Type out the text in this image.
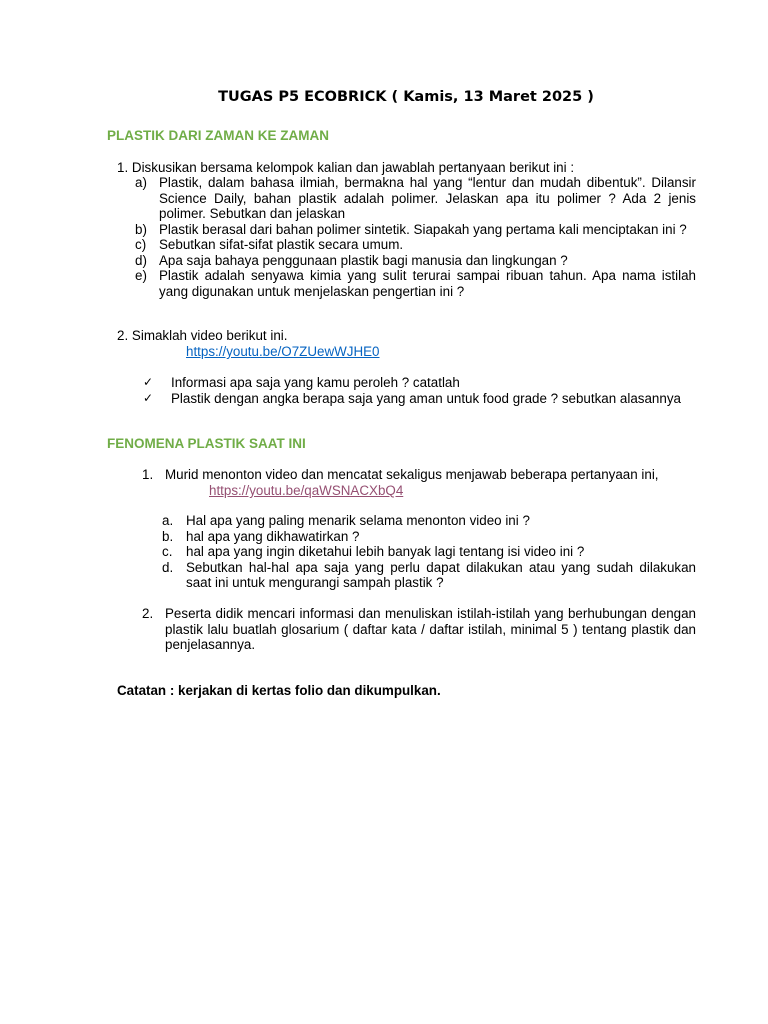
TUGAS P5 ECOBRICK ( Kamis, 13 Maret 2025 )
PLASTIK DARI ZAMAN KE ZAMAN
1. Diskusikan bersama kelompok kalian dan jawablah pertanyaan berikut ini :
a) Plastik, dalam bahasa ilmiah, bermakna hal yang “lentur dan mudah dibentuk”. Dilansir Science Daily, bahan plastik adalah polimer. Jelaskan apa itu polimer ? Ada 2 jenis polimer. Sebutkan dan jelaskan
b) Plastik berasal dari bahan polimer sintetik. Siapakah yang pertama kali menciptakan ini ?
c) Sebutkan sifat-sifat plastik secara umum.
d) Apa saja bahaya penggunaan plastik bagi manusia dan lingkungan ?
e) Plastik adalah senyawa kimia yang sulit terurai sampai ribuan tahun. Apa nama istilah yang digunakan untuk menjelaskan pengertian ini ?
2. Simaklah video berikut ini.
https://youtu.be/O7ZUewWJHE0
✓ Informasi apa saja yang kamu peroleh ? catatlah
✓ Plastik dengan angka berapa saja yang aman untuk food grade ? sebutkan alasannya
FENOMENA PLASTIK SAAT INI
1. Murid menonton video dan mencatat sekaligus menjawab beberapa pertanyaan ini,
https://youtu.be/qaWSNACXbQ4
a. Hal apa yang paling menarik selama menonton video ini ?
b. hal apa yang dikhawatirkan ?
c. hal apa yang ingin diketahui lebih banyak lagi tentang isi video ini ?
d. Sebutkan hal-hal apa saja yang perlu dapat dilakukan atau yang sudah dilakukan saat ini untuk mengurangi sampah plastik ?
2. Peserta didik mencari informasi dan menuliskan istilah-istilah yang berhubungan dengan plastik lalu buatlah glosarium ( daftar kata / daftar istilah, minimal 5 ) tentang plastik dan penjelasannya.
Catatan : kerjakan di kertas folio dan dikumpulkan.
